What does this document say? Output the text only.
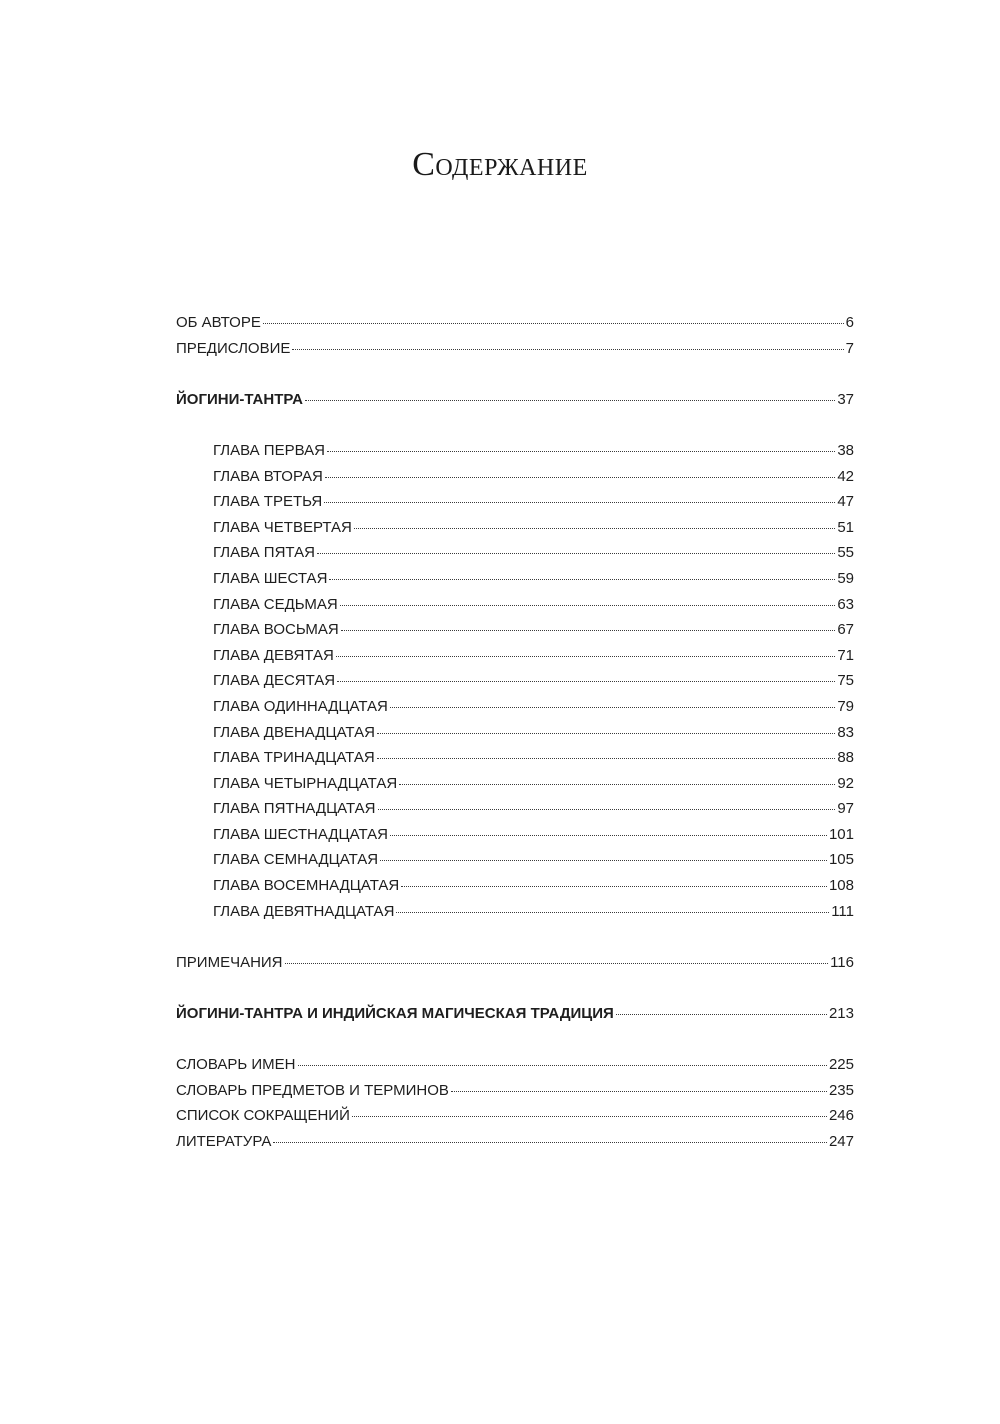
Содержание
ОБ АВТОРЕ	6
ПРЕДИСЛОВИЕ	7
ЙОГИНИ-ТАНТРА	37
ГЛАВА ПЕРВАЯ	38
ГЛАВА ВТОРАЯ	42
ГЛАВА ТРЕТЬЯ	47
ГЛАВА ЧЕТВЕРТАЯ	51
ГЛАВА ПЯТАЯ	55
ГЛАВА ШЕСТАЯ	59
ГЛАВА СЕДЬМАЯ	63
ГЛАВА ВОСЬМАЯ	67
ГЛАВА ДЕВЯТАЯ	71
ГЛАВА ДЕСЯТАЯ	75
ГЛАВА ОДИННАДЦАТАЯ	79
ГЛАВА ДВЕНАДЦАТАЯ	83
ГЛАВА ТРИНАДЦАТАЯ	88
ГЛАВА ЧЕТЫРНАДЦАТАЯ	92
ГЛАВА ПЯТНАДЦАТАЯ	97
ГЛАВА ШЕСТНАДЦАТАЯ	101
ГЛАВА СЕМНАДЦАТАЯ	105
ГЛАВА ВОСЕМНАДЦАТАЯ	108
ГЛАВА ДЕВЯТНАДЦАТАЯ	111
ПРИМЕЧАНИЯ	116
ЙОГИНИ-ТАНТРА И ИНДИЙСКАЯ МАГИЧЕСКАЯ ТРАДИЦИЯ	213
СЛОВАРЬ ИМЕН	225
СЛОВАРЬ ПРЕДМЕТОВ И ТЕРМИНОВ	235
СПИСОК СОКРАЩЕНИЙ	246
ЛИТЕРАТУРА	247
